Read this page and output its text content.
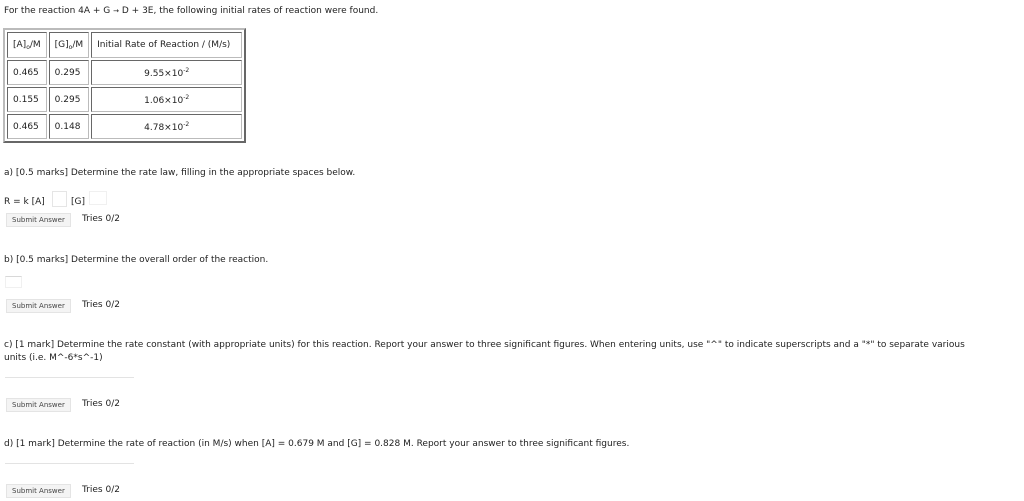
For the reaction 4A + G → D + 3E, the following initial rates of reaction were found.
$[A]_o/M$	$[G]_o/M$	Initial Rate of Reaction / (M/s)
0.465	0.295	$9.55\times 10^{-2}$
0.155	0.295	$1.06\times 10^{-2}$
0.465	0.148	$4.78\times 10^{-2}$
a) [0.5 marks] Determine the rate law, filling in the appropriate spaces below.
R = k [A]	[G]
Submit Answer	Tries 0/2
b) [0.5 marks] Determine the overall order of the reaction.
Submit Answer	Tries 0/2
c) [1 mark] Determine the rate constant (with appropriate units) for this reaction. Report your answer to three significant figures. When entering units, use "^" to indicate superscripts and a "*" to separate various
units (i.e. M^-6*s^-1)
Submit Answer	Tries 0/2
d) [1 mark] Determine the rate of reaction (in M/s) when [A] = 0.679 M and [G] = 0.828 M. Report your answer to three significant figures.
Submit Answer	Tries 0/2
